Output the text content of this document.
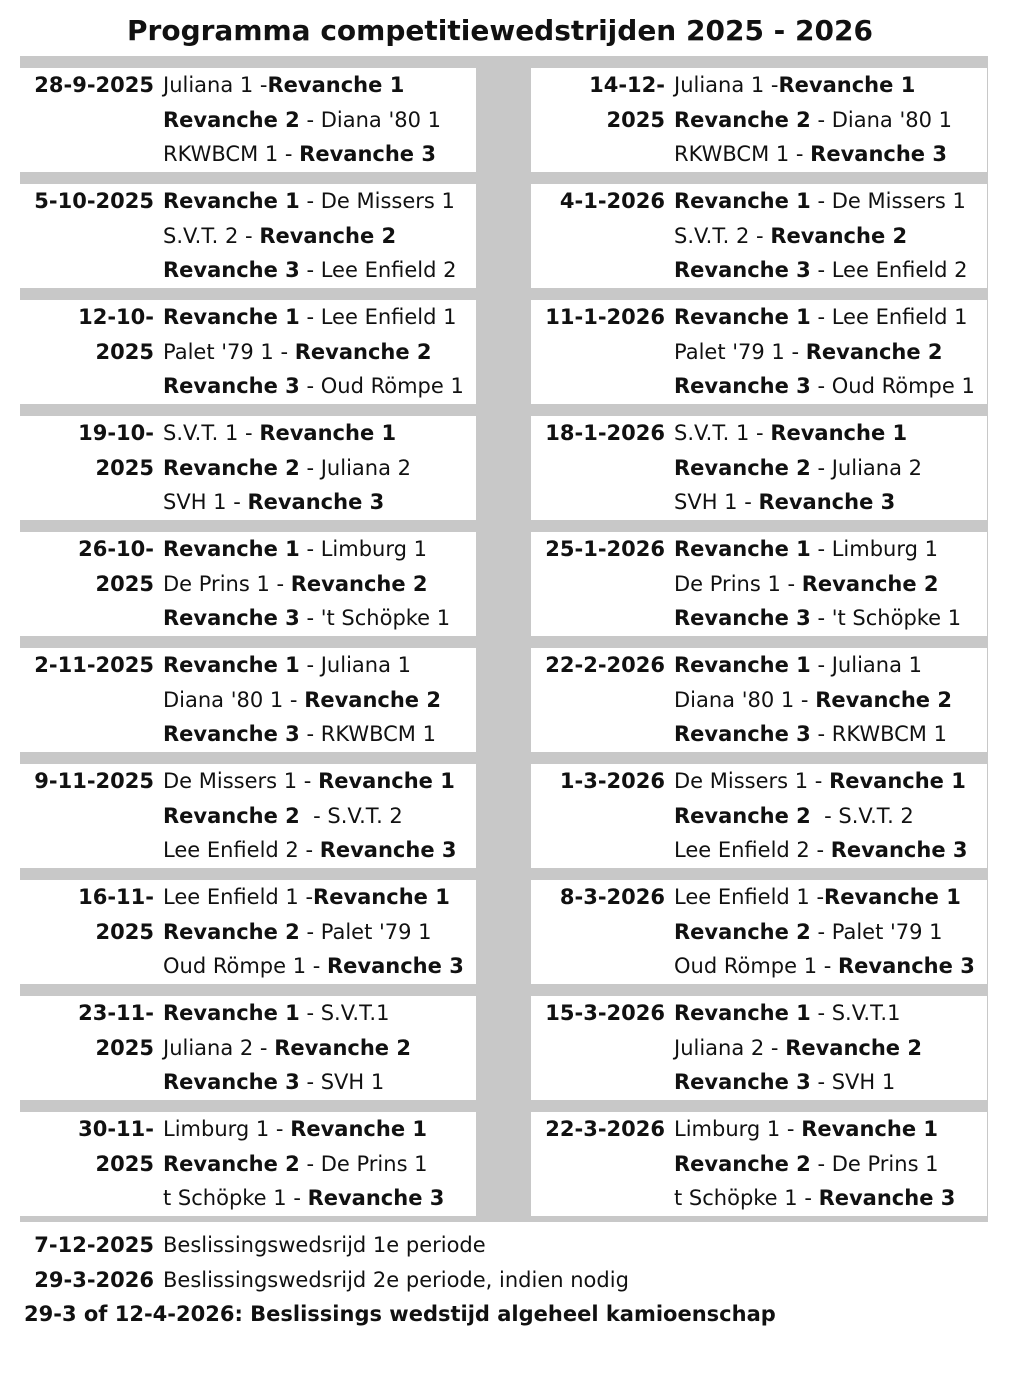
Programma competitiewedstrijden 2025 - 2026
28-9-2025 Juliana 1 -Revanche 1
Revanche 2 - Diana '80 1
RKWBCM 1 - Revanche 3
5-10-2025 Revanche 1 - De Missers 1
S.V.T. 2 - Revanche 2
Revanche 3 - Lee Enfield 2
12-10-2025
Revanche 1 - Lee Enfield 1
Palet '79 1 - Revanche 2
Revanche 3 - Oud Römpe 1
19-10-2025
S.V.T. 1 - Revanche 1
Revanche 2 - Juliana 2
SVH 1 - Revanche 3
26-10-2025
Revanche 1 - Limburg 1
De Prins 1 - Revanche 2
Revanche 3 - 't Schöpke 1
2-11-2025 Revanche 1 - Juliana 1
Diana '80 1 - Revanche 2
Revanche 3 - RKWBCM 1
9-11-2025 De Missers 1 - Revanche 1
Revanche 2  - S.V.T. 2
Lee Enfield 2 - Revanche 3
16-11-2025
Lee Enfield 1 -Revanche 1
Revanche 2 - Palet '79 1
Oud Römpe 1 - Revanche 3
23-11-2025
Revanche 1 - S.V.T.1
Juliana 2 - Revanche 2
Revanche 3 - SVH 1
30-11-2025
Limburg 1 - Revanche 1
Revanche 2 - De Prins 1
t Schöpke 1 - Revanche 3
14-12-2025
Juliana 1 -Revanche 1
Revanche 2 - Diana '80 1
RKWBCM 1 - Revanche 3
4-1-2026 Revanche 1 - De Missers 1
S.V.T. 2 - Revanche 2
Revanche 3 - Lee Enfield 2
11-1-2026 Revanche 1 - Lee Enfield 1
Palet '79 1 - Revanche 2
Revanche 3 - Oud Römpe 1
18-1-2026 S.V.T. 1 - Revanche 1
Revanche 2 - Juliana 2
SVH 1 - Revanche 3
25-1-2026 Revanche 1 - Limburg 1
De Prins 1 - Revanche 2
Revanche 3 - 't Schöpke 1
22-2-2026 Revanche 1 - Juliana 1
Diana '80 1 - Revanche 2
Revanche 3 - RKWBCM 1
1-3-2026 De Missers 1 - Revanche 1
Revanche 2  - S.V.T. 2
Lee Enfield 2 - Revanche 3
8-3-2026 Lee Enfield 1 -Revanche 1
Revanche 2 - Palet '79 1
Oud Römpe 1 - Revanche 3
15-3-2026 Revanche 1 - S.V.T.1
Juliana 2 - Revanche 2
Revanche 3 - SVH 1
22-3-2026 Limburg 1 - Revanche 1
Revanche 2 - De Prins 1
t Schöpke 1 - Revanche 3
7-12-2025 Beslissingswedsrijd 1e periode
29-3-2026 Beslissingswedsrijd 2e periode, indien nodig
29-3 of 12-4-2026: Beslissings wedstijd algeheel kamioenschap
